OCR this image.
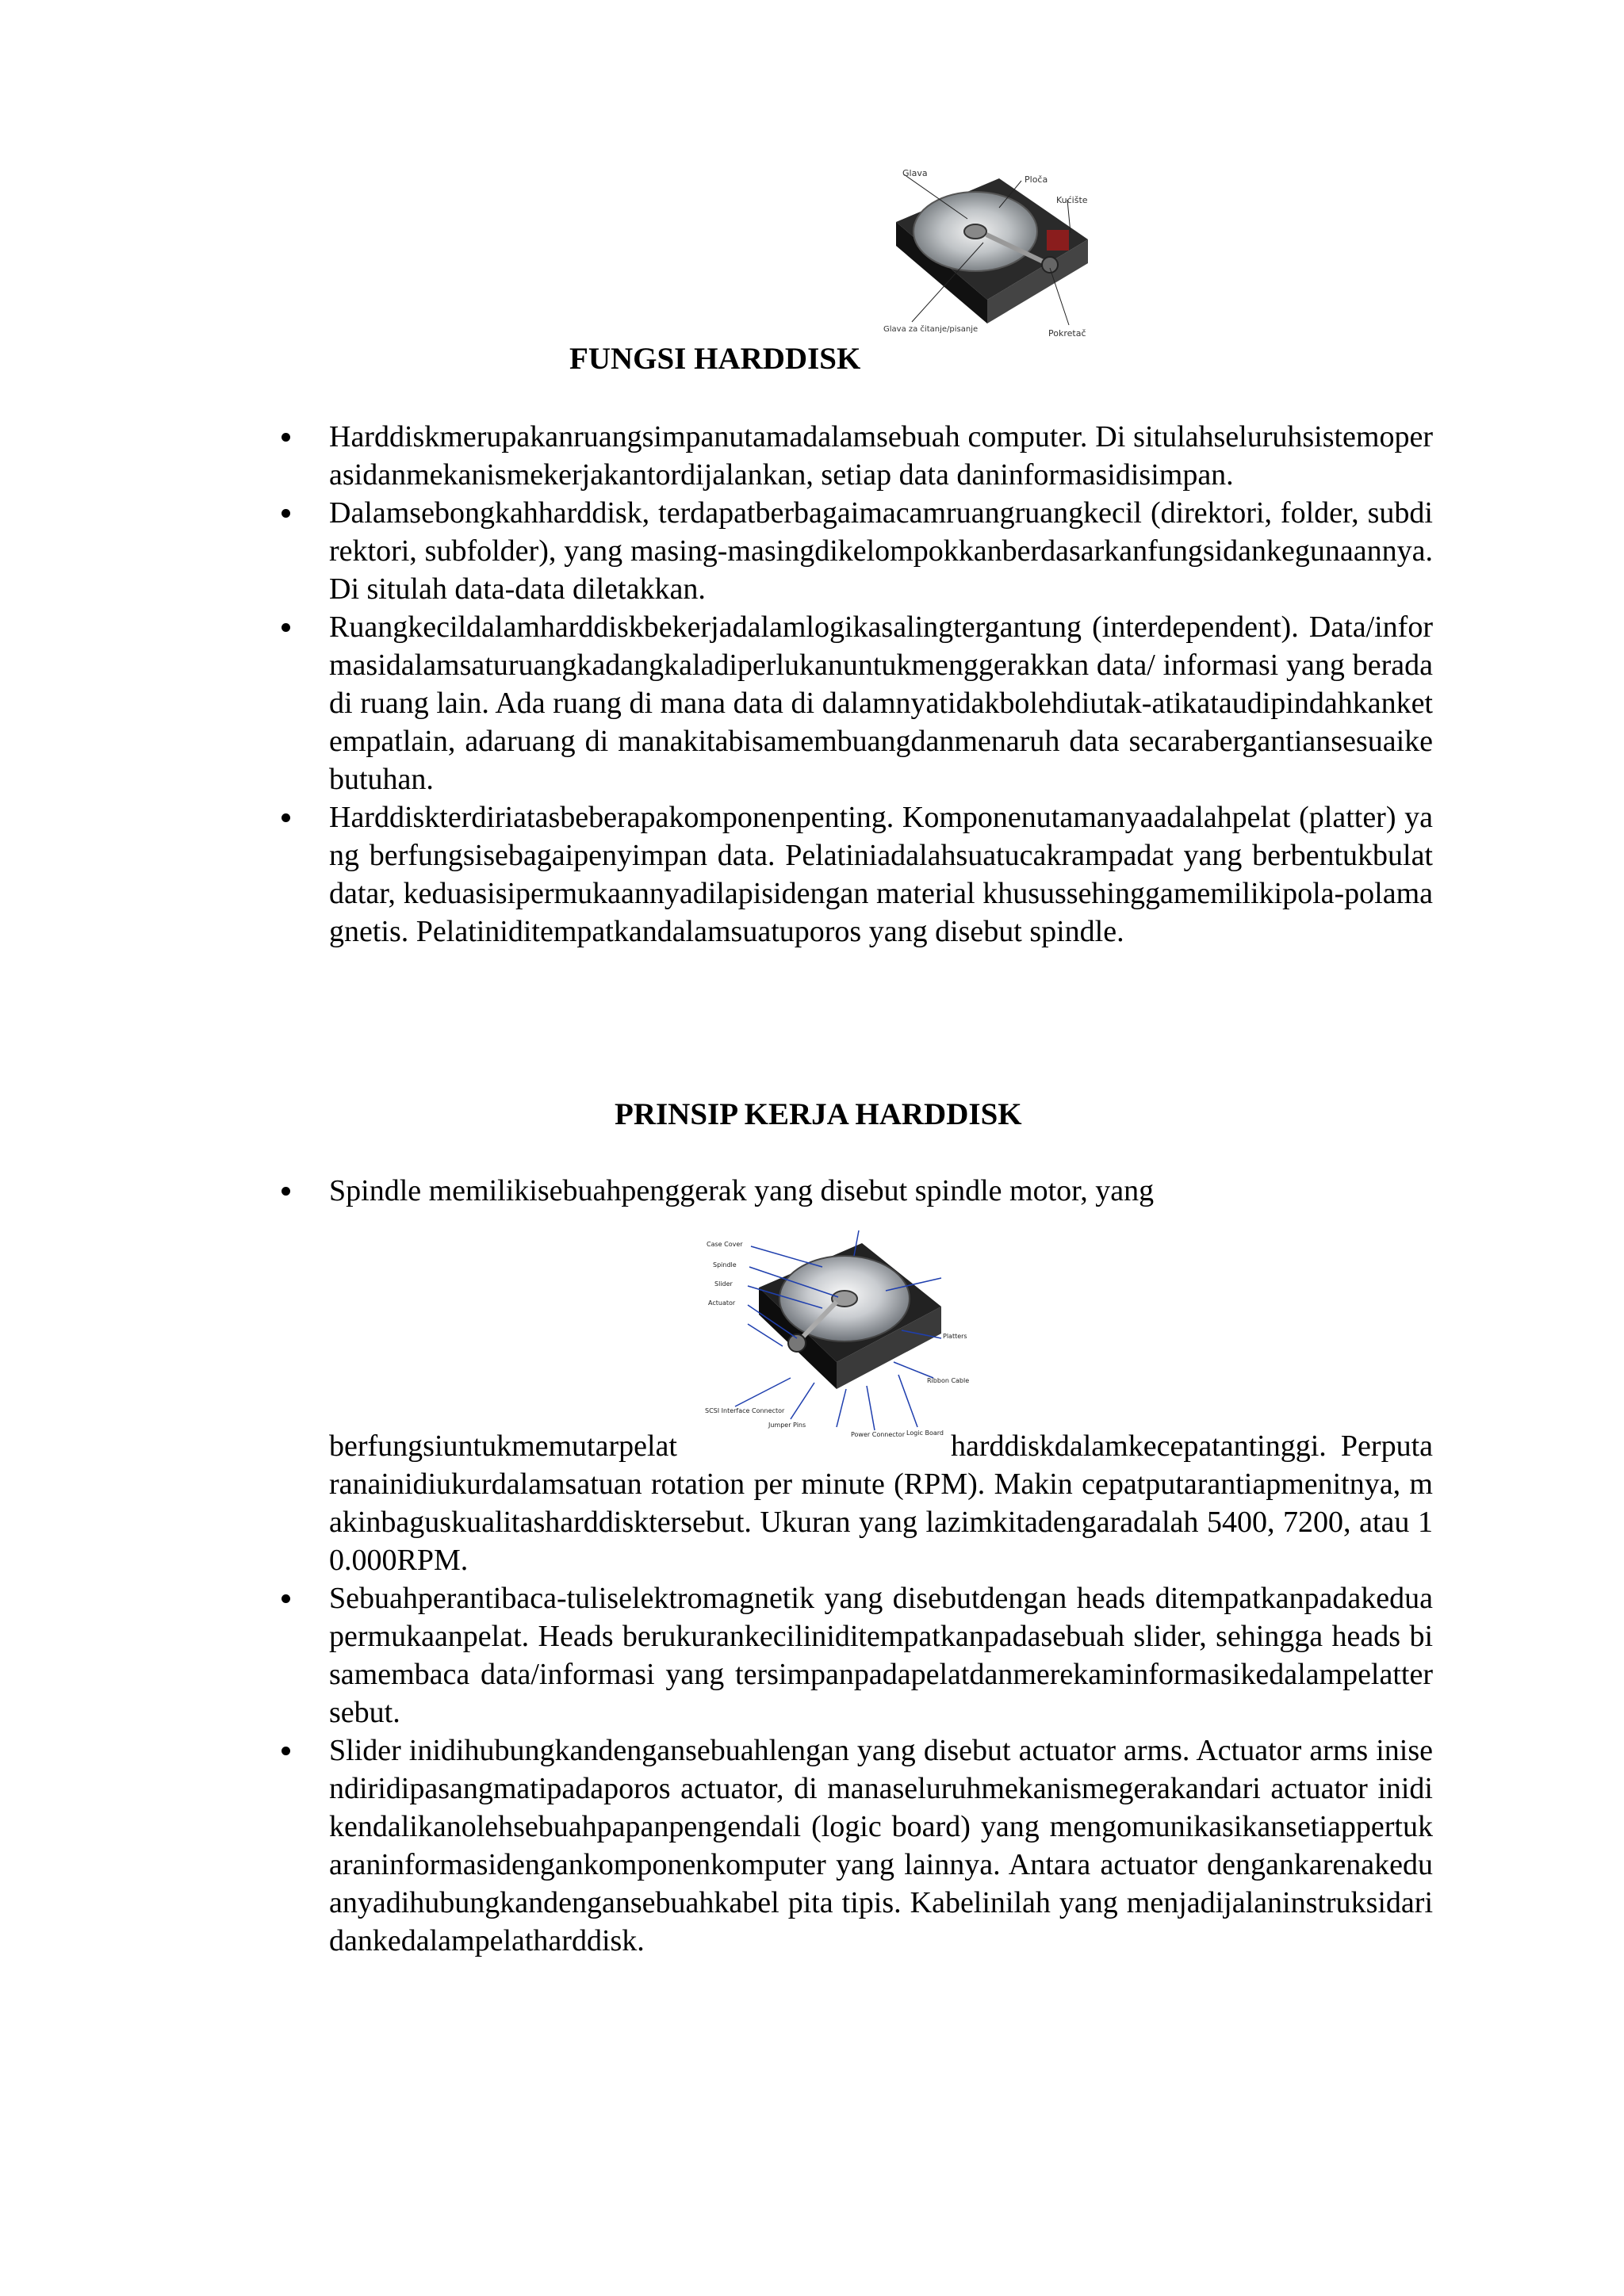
Glava
Ploča
Kućište
Glava za čitanje/pisanje	Pokretač
FUNGSI HARDDISK
Harddiskmerupakanruangsimpanutamadalamsebuah computer. Di situlahseluruhsistemoperasidanmekanismekerjakantordijalankan, setiap data daninformasidisimpan.
Dalamsebongkahharddisk, terdapatberbagaimacamruangruangkecil (direktori, folder, subdirektori, subfolder), yang masing-masingdikelompokkanberdasarkanfungsidankegunaannya. Di situlah data-data diletakkan.
Ruangkecildalamharddiskbekerjadalamlogikasalingtergantung (interdependent). Data/informasidalamsaturuangkadangkaladiperlukanuntukmenggerakkan data/ informasi yang berada di ruang lain. Ada ruang di mana data di dalamnyatidakbolehdiutak-atikataudipindahkanketempatlain, adaruang di manakitabisamembuangdanmenaruh data secarabergantiansesuaikebutuhan.
Harddiskterdiriatasbeberapakomponenpenting. Komponenutamanyaadalahpelat (platter) yang berfungsisebagaipenyimpan data. Pelatiniadalahsuatucakrampadat yang berbentukbulatdatar, keduasisipermukaannyadilapisidengan material khusussehinggamemilikipola-polamagnetis. Pelatiniditempatkandalamsuatuporos yang disebut spindle.
PRINSIP KERJA HARDDISK
Case Cover
Spindle
Slider
Actuator
Platters
Jumper Pins
Power Connector Logic Board
SCSI Interface Connector
Ribbon Cable
Spindle memilikisebuahpenggerak yang disebut spindle motor, yang
berfungsiuntukmemutarpelat	harddiskdalamkecepatantinggi. Perputaranainidiukurdalamsatuan rotation per minute (RPM). Makin cepatputarantiapmenitnya, makinbaguskualitasharddisktersebut. Ukuran yang lazimkitadengaradalah 5400, 7200, atau 10.000RPM.
Sebuahperantibaca-tuliselektromagnetik yang disebutdengan heads ditempatkanpadakeduapermukaanpelat. Heads berukurankeciliniditempatkanpadasebuah slider, sehingga heads bisamembaca data/informasi yang tersimpanpadapelatdanmerekaminformasikedalampelattersebut.
Slider inidihubungkandengansebuahlengan yang disebut actuator arms. Actuator arms inisendiridipasangmatipadaporos actuator, di manaseluruhmekanismegerakandari actuator inidikendalikanolehsebuahpapanpengendali (logic board) yang mengomunikasikansetiappertukaraninformasidengankomponenkomputer yang lainnya. Antara actuator dengankarenakeduanyadihubungkandengansebuahkabel pita tipis. Kabelinilah yang menjadijalaninstruksidaridankedalampelatharddisk.
